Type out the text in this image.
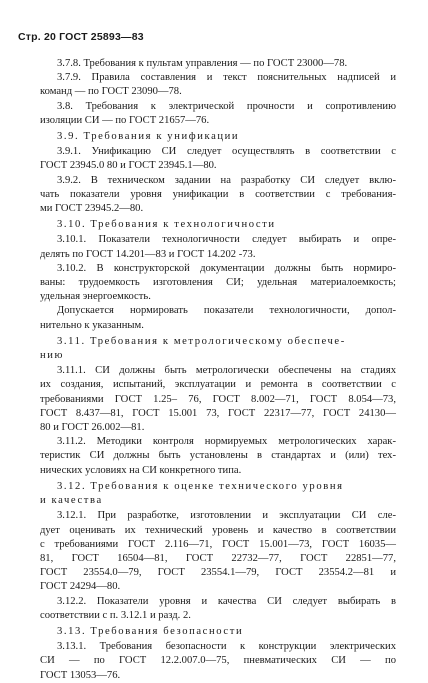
Стр. 20 ГОСТ 25893—83
3.7.8. Требования к пультам управления — по ГОСТ 23000—78.
3.7.9. Правила составления и текст пояснительных надписей и
команд — по ГОСТ 23090—78.
3.8. Требования к электрической прочности и сопротивлению
изоляции СИ — по ГОСТ 21657—76.
3.9. Требования к унификации
3.9.1. Унификацию СИ следует осуществлять в соответствии с
ГОСТ 23945.0 80 и ГОСТ 23945.1—80.
3.9.2. В техническом задании на разработку СИ следует вклю-
чать показатели уровня унификации в соответствии с требования-
ми ГОСТ 23945.2—80.
3.10. Требования к технологичности
3.10.1. Показатели технологичности следует выбирать и опре-
делять по ГОСТ 14.201—83 и ГОСТ 14.202 -73.
3.10.2. В конструкторской документации должны быть нормиро-
ваны: трудоемкость изготовления СИ; удельная материалоемкость;
удельная энергоемкость.
Допускается нормировать показатели технологичности, допол-
нительно к указанным.
3.11. Требования к метрологическому обеспече-
нию
3.11.1. СИ должны быть метрологически обеспечены на стадиях
их создания, испытаний, эксплуатации и ремонта в соответствии с
требованиями ГОСТ 1.25– 76, ГОСТ 8.002—71, ГОСТ 8.054—73,
ГОСТ 8.437—81, ГОСТ 15.001 73, ГОСТ 22317—77, ГОСТ 24130—
80 и ГОСТ 26.002—81.
3.11.2. Методики контроля нормируемых метрологических харак-
теристик СИ должны быть установлены в стандартах и (или) тех-
нических условиях на СИ конкретного типа.
3.12. Требования к оценке технического уровня
и качества
3.12.1. При разработке, изготовлении и эксплуатации СИ сле-
дует оценивать их технический уровень и качество в соответствии
с требованиями ГОСТ 2.116—71, ГОСТ 15.001—73, ГОСТ 16035—
81, ГОСТ 16504—81, ГОСТ 22732—77, ГОСТ 22851—77,
ГОСТ 23554.0—79, ГОСТ 23554.1—79, ГОСТ 23554.2—81 и
ГОСТ 24294—80.
3.12.2. Показатели уровня и качества СИ следует выбирать в
соответствии с п. 3.12.1 и разд. 2.
3.13. Требования безопасности
3.13.1. Требования безопасности к конструкции электрических
СИ — по ГОСТ 12.2.007.0—75, пневматических СИ — по
ГОСТ 13053—76.
